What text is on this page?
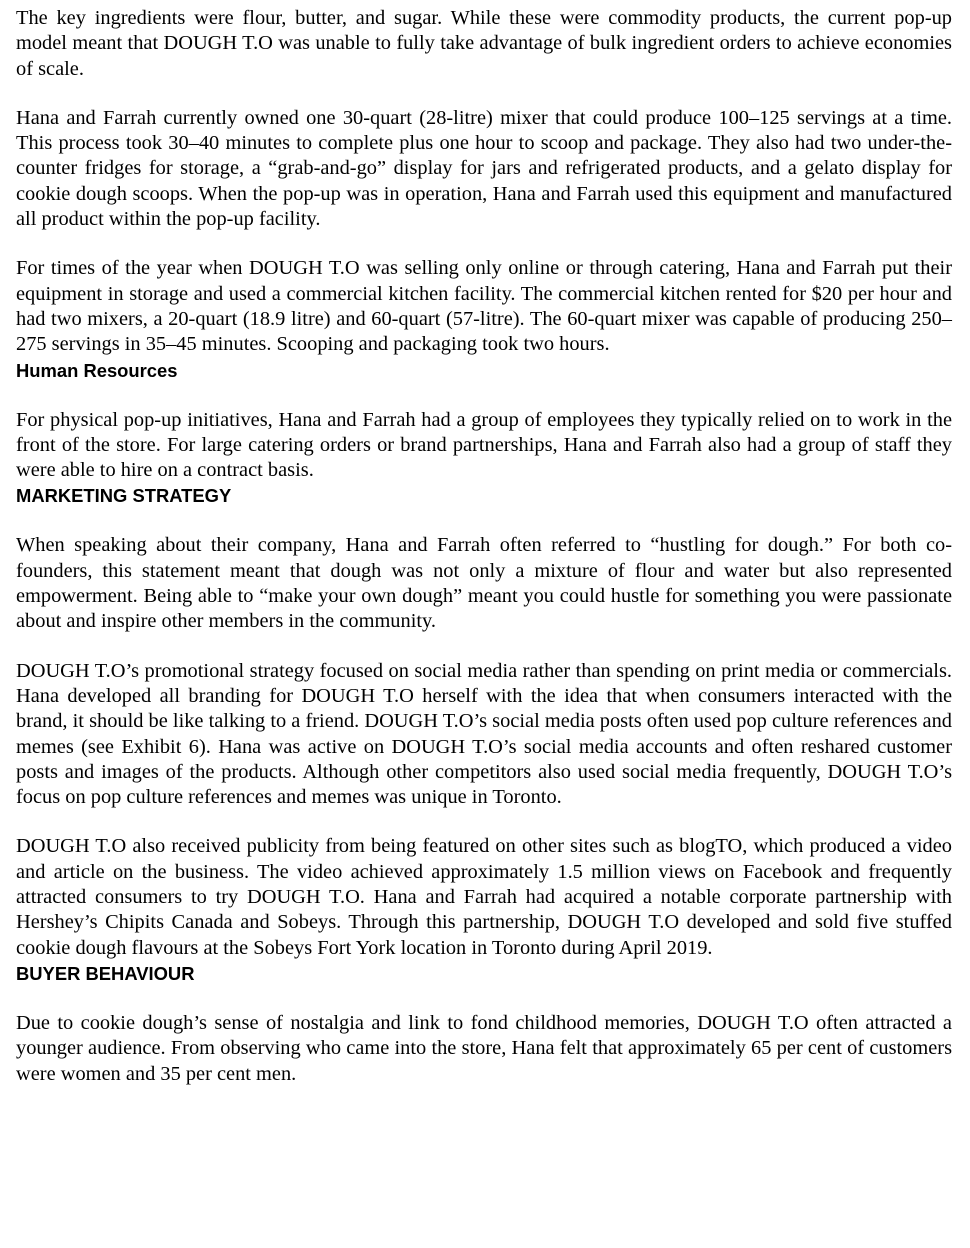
The key ingredients were flour, butter, and sugar. While these were commodity products, the current pop-up model meant that DOUGH T.O was unable to fully take advantage of bulk ingredient orders to achieve economies of scale.

Hana and Farrah currently owned one 30-quart (28-litre) mixer that could produce 100–125 servings at a time. This process took 30–40 minutes to complete plus one hour to scoop and package. They also had two under-the-counter fridges for storage, a “grab-and-go” display for jars and refrigerated products, and a gelato display for cookie dough scoops. When the pop-up was in operation, Hana and Farrah used this equipment and manufactured all product within the pop-up facility.

For times of the year when DOUGH T.O was selling only online or through catering, Hana and Farrah put their equipment in storage and used a commercial kitchen facility. The commercial kitchen rented for $20 per hour and had two mixers, a 20-quart (18.9 litre) and 60-quart (57-litre). The 60-quart mixer was capable of producing 250–275 servings in 35–45 minutes. Scooping and packaging took two hours.

Human Resources

For physical pop-up initiatives, Hana and Farrah had a group of employees they typically relied on to work in the front of the store. For large catering orders or brand partnerships, Hana and Farrah also had a group of staff they were able to hire on a contract basis.

MARKETING STRATEGY

When speaking about their company, Hana and Farrah often referred to “hustling for dough.” For both co-founders, this statement meant that dough was not only a mixture of flour and water but also represented empowerment. Being able to “make your own dough” meant you could hustle for something you were passionate about and inspire other members in the community.

DOUGH T.O’s promotional strategy focused on social media rather than spending on print media or commercials. Hana developed all branding for DOUGH T.O herself with the idea that when consumers interacted with the brand, it should be like talking to a friend. DOUGH T.O’s social media posts often used pop culture references and memes (see Exhibit 6). Hana was active on DOUGH T.O’s social media accounts and often reshared customer posts and images of the products. Although other competitors also used social media frequently, DOUGH T.O’s focus on pop culture references and memes was unique in Toronto.

DOUGH T.O also received publicity from being featured on other sites such as blogTO, which produced a video and article on the business. The video achieved approximately 1.5 million views on Facebook and frequently attracted consumers to try DOUGH T.O. Hana and Farrah had acquired a notable corporate partnership with Hershey’s Chipits Canada and Sobeys. Through this partnership, DOUGH T.O developed and sold five stuffed cookie dough flavours at the Sobeys Fort York location in Toronto during April 2019.

BUYER BEHAVIOUR

Due to cookie dough’s sense of nostalgia and link to fond childhood memories, DOUGH T.O often attracted a younger audience. From observing who came into the store, Hana felt that approximately 65 per cent of customers were women and 35 per cent men.
